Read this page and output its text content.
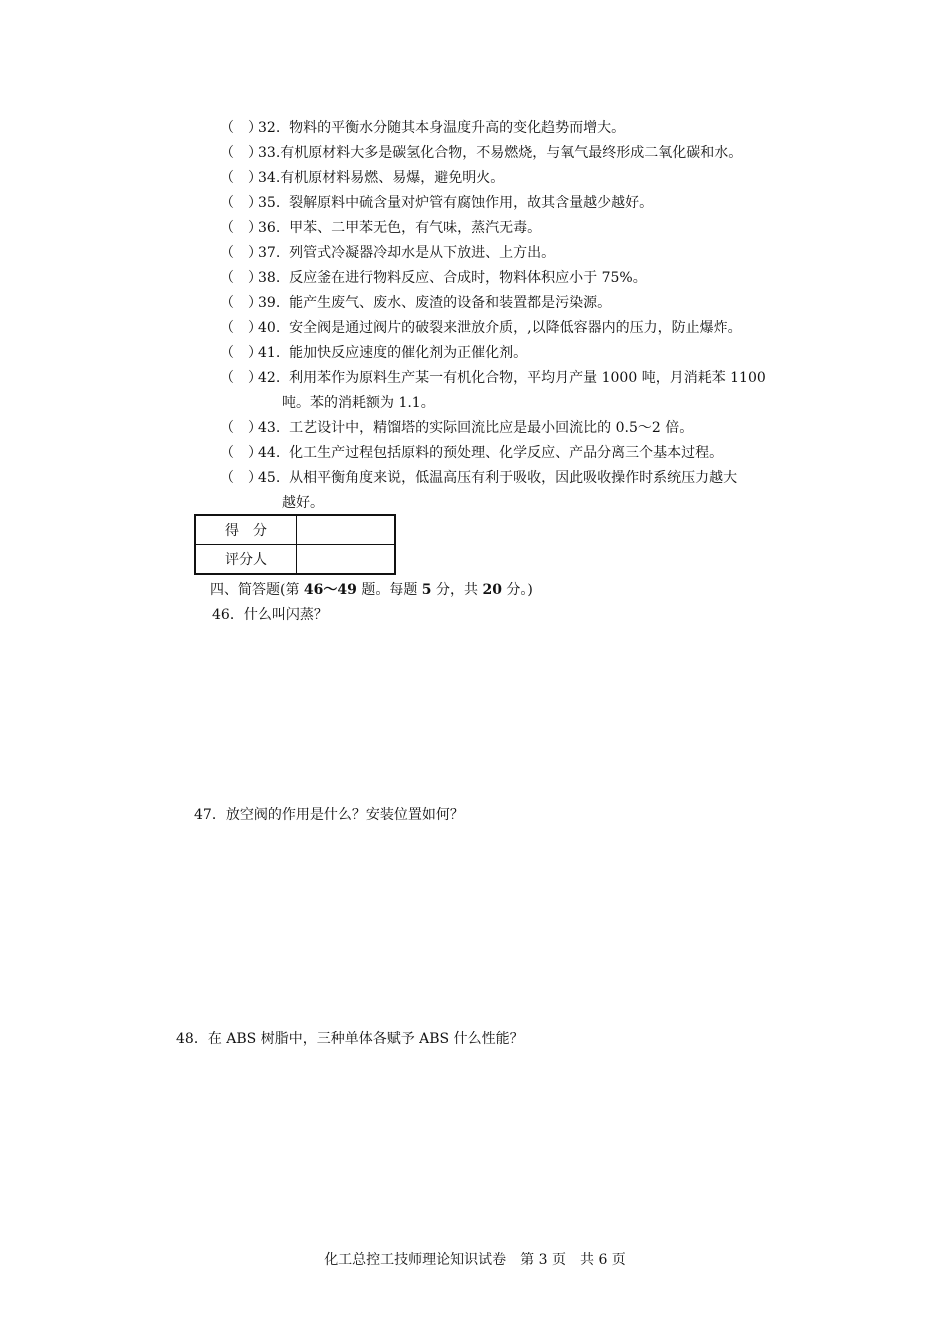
（　）32. 物料的平衡水分随其本身温度升高的变化趋势而增大。
（　）33.有机原材料大多是碳氢化合物，不易燃烧，与氧气最终形成二氧化碳和水。
（　）34.有机原材料易燃、易爆，避免明火。
（　）35. 裂解原料中硫含量对炉管有腐蚀作用，故其含量越少越好。
（　）36. 甲苯、二甲苯无色，有气味，蒸汽无毒。
（　）37. 列管式冷凝器冷却水是从下放进、上方出。
（　）38. 反应釜在进行物料反应、合成时，物料体积应小于 75%。
（　）39. 能产生废气、废水、废渣的设备和装置都是污染源。
（　）40. 安全阀是通过阀片的破裂来泄放介质，,以降低容器内的压力，防止爆炸。
（　）41. 能加快反应速度的催化剂为正催化剂。
（　）42. 利用苯作为原料生产某一有机化合物，平均月产量 1000 吨，月消耗苯 1100
吨。苯的消耗额为 1.1。
（　）43. 工艺设计中，精馏塔的实际回流比应是最小回流比的 0.5～2 倍。
（　）44. 化工生产过程包括原料的预处理、化学反应、产品分离三个基本过程。
（　）45. 从相平衡角度来说，低温高压有利于吸收，因此吸收操作时系统压力越大
越好。
得　分	
评分人	
四、简答题(第 46～49 题。每题 5 分，共 20 分。)
46．什么叫闪蒸？
47．放空阀的作用是什么？安装位置如何？
48．在 ABS 树脂中，三种单体各赋予 ABS 什么性能？
化工总控工技师理论知识试卷　第 3 页　共 6 页
